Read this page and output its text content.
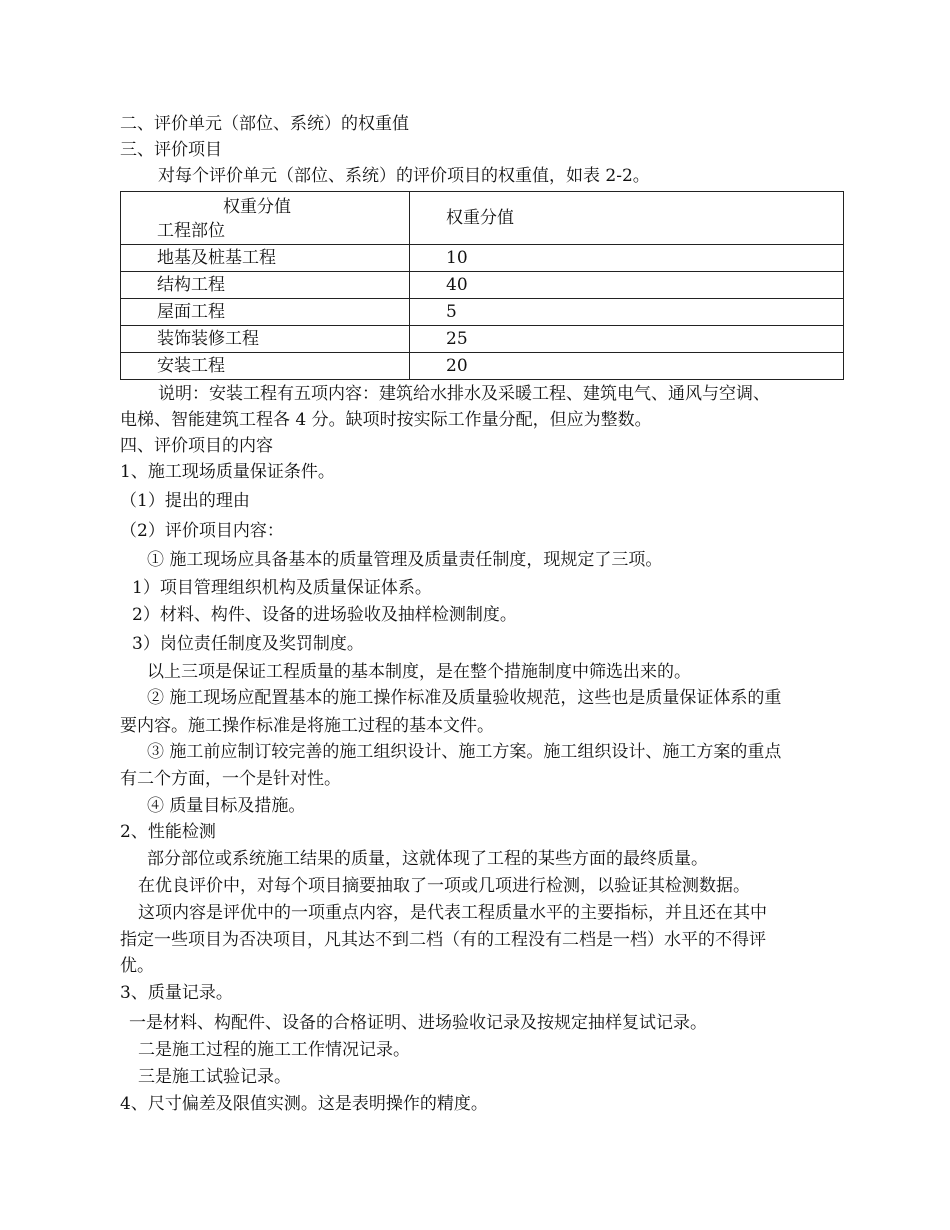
二、评价单元（部位、系统）的权重值
三、评价项目
对每个评价单元（部位、系统）的评价项目的权重值，如表 2-2。
权重分值
工程部位	权重分值
地基及桩基工程	10
结构工程	40
屋面工程	5
装饰装修工程	25
安装工程	20
说明：安装工程有五项内容：建筑给水排水及采暖工程、建筑电气、通风与空调、
电梯、智能建筑工程各 4 分。缺项时按实际工作量分配，但应为整数。
四、评价项目的内容
1、施工现场质量保证条件。
（1）提出的理由
（2）评价项目内容：
① 施工现场应具备基本的质量管理及质量责任制度，现规定了三项。
1）项目管理组织机构及质量保证体系。
2）材料、构件、设备的进场验收及抽样检测制度。
3）岗位责任制度及奖罚制度。
以上三项是保证工程质量的基本制度，是在整个措施制度中筛选出来的。
② 施工现场应配置基本的施工操作标准及质量验收规范，这些也是质量保证体系的重
要内容。施工操作标准是将施工过程的基本文件。
③ 施工前应制订较完善的施工组织设计、施工方案。施工组织设计、施工方案的重点
有二个方面，一个是针对性。
④ 质量目标及措施。
2、性能检测
部分部位或系统施工结果的质量，这就体现了工程的某些方面的最终质量。
在优良评价中，对每个项目摘要抽取了一项或几项进行检测，以验证其检测数据。
这项内容是评优中的一项重点内容，是代表工程质量水平的主要指标，并且还在其中
指定一些项目为否决项目，凡其达不到二档（有的工程没有二档是一档）水平的不得评
优。
3、质量记录。
一是材料、构配件、设备的合格证明、进场验收记录及按规定抽样复试记录。
二是施工过程的施工工作情况记录。
三是施工试验记录。
4、尺寸偏差及限值实测。这是表明操作的精度。
